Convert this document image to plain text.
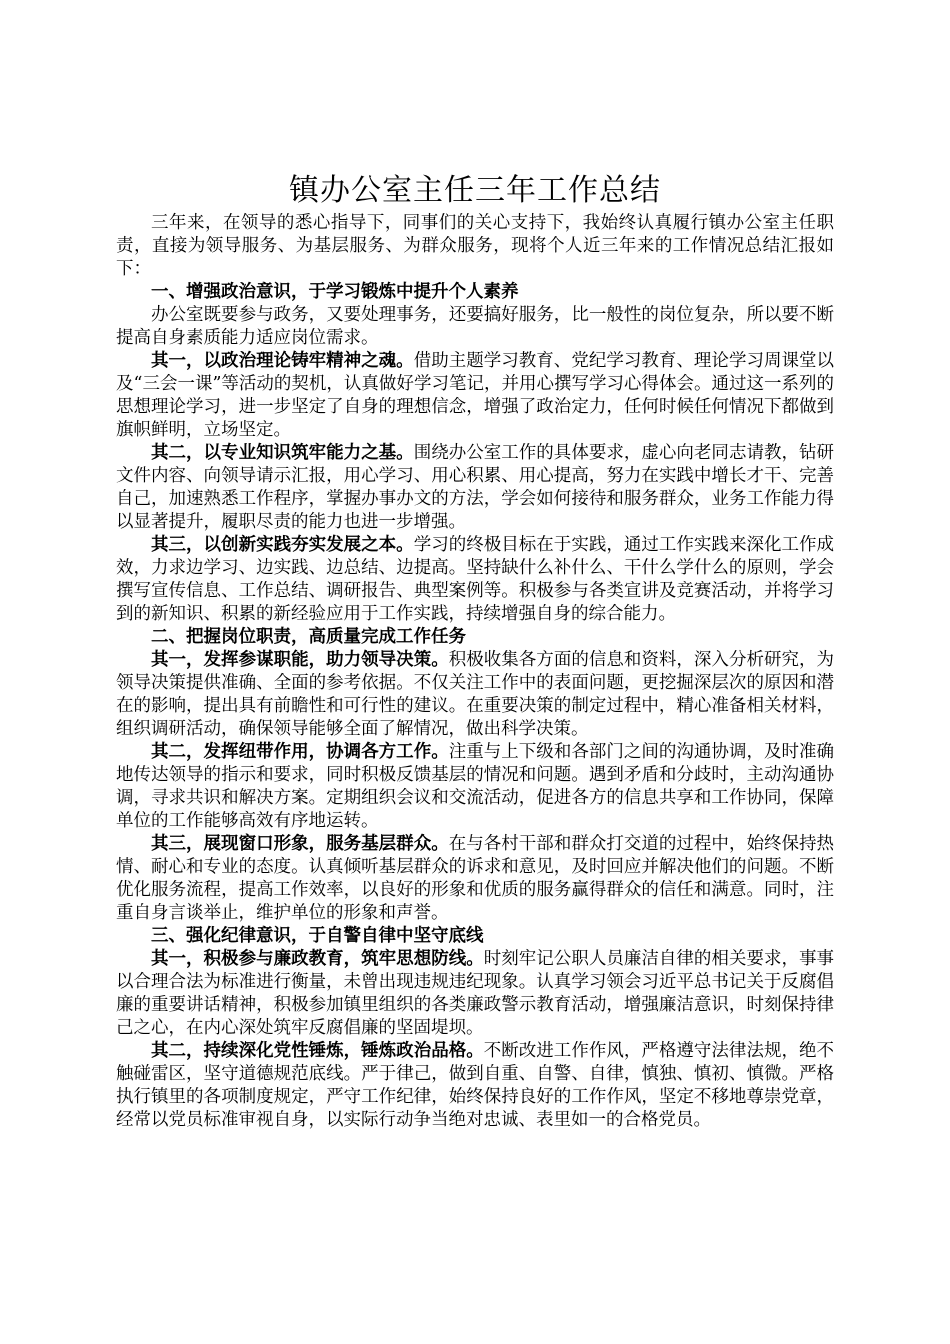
镇办公室主任三年工作总结

三年来，在领导的悉心指导下，同事们的关心支持下，我始终认真履行镇办公室主任职责，直接为领导服务、为基层服务、为群众服务，现将个人近三年来的工作情况总结汇报如下：

一、增强政治意识，于学习锻炼中提升个人素养

办公室既要参与政务，又要处理事务，还要搞好服务，比一般性的岗位复杂，所以要不断提高自身素质能力适应岗位需求。

其一，以政治理论铸牢精神之魂。借助主题学习教育、党纪学习教育、理论学习周课堂以及“三会一课”等活动的契机，认真做好学习笔记，并用心撰写学习心得体会。通过这一系列的思想理论学习，进一步坚定了自身的理想信念，增强了政治定力，任何时候任何情况下都做到旗帜鲜明，立场坚定。

其二，以专业知识筑牢能力之基。围绕办公室工作的具体要求，虚心向老同志请教，钻研文件内容、向领导请示汇报，用心学习、用心积累、用心提高，努力在实践中增长才干、完善自己，加速熟悉工作程序，掌握办事办文的方法，学会如何接待和服务群众，业务工作能力得以显著提升，履职尽责的能力也进一步增强。

其三，以创新实践夯实发展之本。学习的终极目标在于实践，通过工作实践来深化工作成效，力求边学习、边实践、边总结、边提高。坚持缺什么补什么、干什么学什么的原则，学会撰写宣传信息、工作总结、调研报告、典型案例等。积极参与各类宣讲及竞赛活动，并将学习到的新知识、积累的新经验应用于工作实践，持续增强自身的综合能力。

二、把握岗位职责，高质量完成工作任务

其一，发挥参谋职能，助力领导决策。积极收集各方面的信息和资料，深入分析研究，为领导决策提供准确、全面的参考依据。不仅关注工作中的表面问题，更挖掘深层次的原因和潜在的影响，提出具有前瞻性和可行性的建议。在重要决策的制定过程中，精心准备相关材料，组织调研活动，确保领导能够全面了解情况，做出科学决策。

其二，发挥纽带作用，协调各方工作。注重与上下级和各部门之间的沟通协调，及时准确地传达领导的指示和要求，同时积极反馈基层的情况和问题。遇到矛盾和分歧时，主动沟通协调，寻求共识和解决方案。定期组织会议和交流活动，促进各方的信息共享和工作协同，保障单位的工作能够高效有序地运转。

其三，展现窗口形象，服务基层群众。在与各村干部和群众打交道的过程中，始终保持热情、耐心和专业的态度。认真倾听基层群众的诉求和意见，及时回应并解决他们的问题。不断优化服务流程，提高工作效率，以良好的形象和优质的服务赢得群众的信任和满意。同时，注重自身言谈举止，维护单位的形象和声誉。

三、强化纪律意识，于自警自律中坚守底线

其一，积极参与廉政教育，筑牢思想防线。时刻牢记公职人员廉洁自律的相关要求，事事以合理合法为标准进行衡量，未曾出现违规违纪现象。认真学习领会习近平总书记关于反腐倡廉的重要讲话精神，积极参加镇里组织的各类廉政警示教育活动，增强廉洁意识，时刻保持律己之心，在内心深处筑牢反腐倡廉的坚固堤坝。

其二，持续深化党性锤炼，锤炼政治品格。不断改进工作作风，严格遵守法律法规，绝不触碰雷区，坚守道德规范底线。严于律己，做到自重、自警、自律，慎独、慎初、慎微。严格执行镇里的各项制度规定，严守工作纪律，始终保持良好的工作作风，坚定不移地尊崇党章，经常以党员标准审视自身，以实际行动争当绝对忠诚、表里如一的合格党员。
